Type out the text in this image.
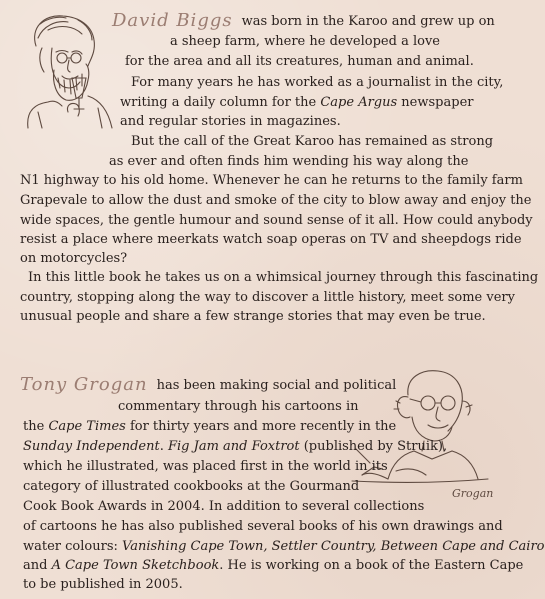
Grogan
David Biggs was born in the Karoo and grew up on
a sheep farm, where he developed a love
for the area and all its creatures, human and animal.
For many years he has worked as a journalist in the city,
writing a daily column for the Cape Argus newspaper
and regular stories in magazines.
But the call of the Great Karoo has remained as strong
as ever and often finds him wending his way along the
N1 highway to his old home. Whenever he can he returns to the family farm
Grapevale to allow the dust and smoke of the city to blow away and enjoy the
wide spaces, the gentle humour and sound sense of it all. How could anybody
resist a place where meerkats watch soap operas on TV and sheepdogs ride
on motorcycles?
In this little book he takes us on a whimsical journey through this fascinating
country, stopping along the way to discover a little history, meet some very
unusual people and share a few strange stories that may even be true.
Tony Grogan has been making social and political
commentary through his cartoons in
the Cape Times for thirty years and more recently in the
Sunday Independent. Fig Jam and Foxtrot (published by Struik),
which he illustrated, was placed first in the world in its
category of illustrated cookbooks at the Gourmand
Cook Book Awards in 2004. In addition to several collections
of cartoons he has also published several books of his own drawings and
water colours: Vanishing Cape Town, Settler Country, Between Cape and Cairo
and A Cape Town Sketchbook. He is working on a book of the Eastern Cape
to be published in 2005.
